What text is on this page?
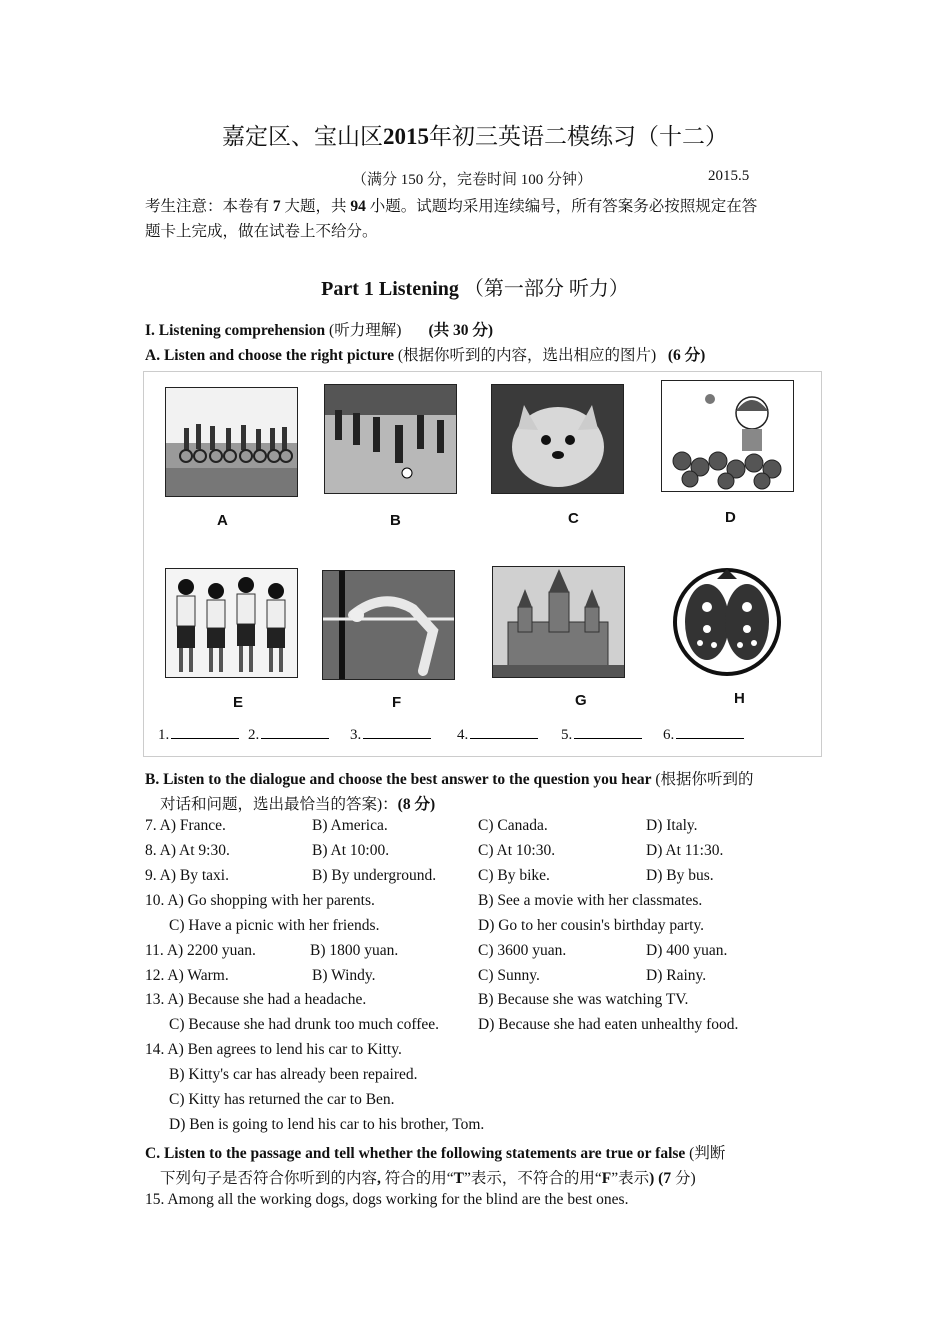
嘉定区、宝山区2015年初三英语二模练习（十二）
（满分 150 分，完卷时间 100 分钟）	2015.5
考生注意：本卷有 7 大题，共 94 小题。试题均采用连续编号，所有答案务必按照规定在答
题卡上完成，做在试卷上不给分。
Part 1 Listening （第一部分 听力）
I. Listening comprehension (听力理解) (共 30 分)
A. Listen and choose the right picture (根据你听到的内容，选出相应的图片) (6 分)
A	B	C	D
E	F	G	H
1.	2.	3.	4.	5.	6.
B. Listen to the dialogue and choose the best answer to the question you hear (根据你听到的
对话和问题，选出最恰当的答案)：(8 分)
7. A) France.	B) America.	C) Canada.	D) Italy.
8. A) At 9:30.	B) At 10:00.	C) At 10:30.	D) At 11:30.
9. A) By taxi.	B) By underground.	C) By bike.	D) By bus.
10. A) Go shopping with her parents.	B) See a movie with her classmates.
C) Have a picnic with her friends.	D) Go to her cousin's birthday party.
11. A) 2200 yuan.	B) 1800 yuan.	C) 3600 yuan.	D) 400 yuan.
12. A) Warm.	B) Windy.	C) Sunny.	D) Rainy.
13. A) Because she had a headache.	B) Because she was watching TV.
C) Because she had drunk too much coffee.	D) Because she had eaten unhealthy food.
14. A) Ben agrees to lend his car to Kitty.
B) Kitty's car has already been repaired.
C) Kitty has returned the car to Ben.
D) Ben is going to lend his car to his brother, Tom.
C. Listen to the passage and tell whether the following statements are true or false (判断
下列句子是否符合你听到的内容, 符合的用“T”表示，不符合的用“F”表示) (7 分)
15. Among all the working dogs, dogs working for the blind are the best ones.
